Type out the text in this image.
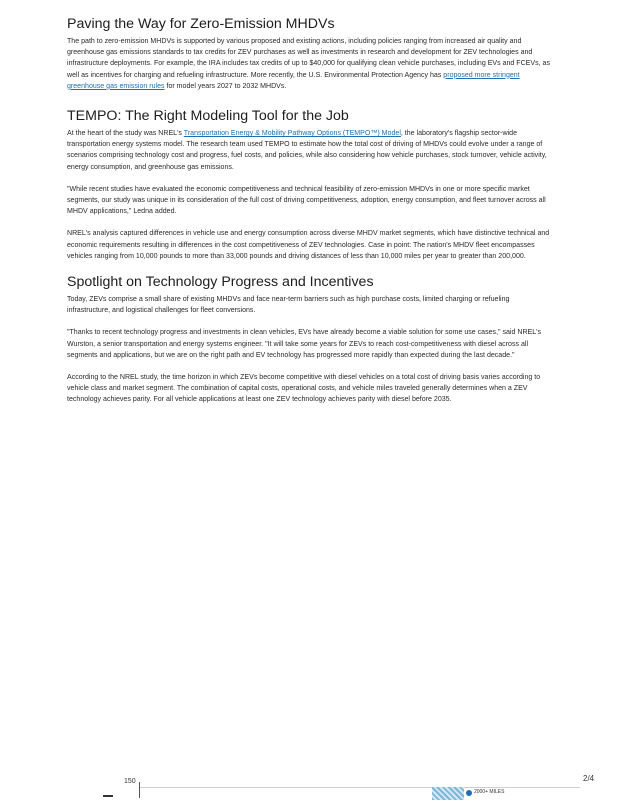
Paving the Way for Zero-Emission MHDVs

The path to zero-emission MHDVs is supported by various proposed and existing actions, including policies ranging from increased air quality and greenhouse gas emissions standards to tax credits for ZEV purchases as well as investments in research and development for ZEV technologies and infrastructure deployments. For example, the IRA includes tax credits of up to $40,000 for qualifying clean vehicle purchases, including EVs and FCEVs, as well as incentives for charging and refueling infrastructure. More recently, the U.S. Environmental Protection Agency has proposed more stringent greenhouse gas emission rules for model years 2027 to 2032 MHDVs.

TEMPO: The Right Modeling Tool for the Job

At the heart of the study was NREL's Transportation Energy & Mobility Pathway Options (TEMPO™) Model, the laboratory's flagship sector-wide transportation energy systems model. The research team used TEMPO to estimate how the total cost of driving of MHDVs could evolve under a range of scenarios comprising technology cost and progress, fuel costs, and policies, while also considering how vehicle purchases, stock turnover, vehicle activity, energy consumption, and greenhouse gas emissions.

"While recent studies have evaluated the economic competitiveness and technical feasibility of zero-emission MHDVs in one or more specific market segments, our study was unique in its consideration of the full cost of driving competitiveness, adoption, energy consumption, and fleet turnover across all MHDV applications," Ledna added.

NREL's analysis captured differences in vehicle use and energy consumption across diverse MHDV market segments, which have distinctive technical and economic requirements resulting in differences in the cost competitiveness of ZEV technologies. Case in point: The nation's MHDV fleet encompasses vehicles ranging from 10,000 pounds to more than 33,000 pounds and driving distances of less than 10,000 miles per year to greater than 200,000.

Spotlight on Technology Progress and Incentives

Today, ZEVs comprise a small share of existing MHDVs and face near-term barriers such as high purchase costs, limited charging or refueling infrastructure, and logistical challenges for fleet conversions.

"Thanks to recent technology progress and investments in clean vehicles, EVs have already become a viable solution for some use cases," said NREL's Wurston, a senior transportation and energy systems engineer. "It will take some years for ZEVs to reach cost-competitiveness with diesel across all segments and applications, but we are on the right path and EV technology has progressed more rapidly than expected during the last decade."

According to the NREL study, the time horizon in which ZEVs become competitive with diesel vehicles on a total cost of driving basis varies according to vehicle class and market segment. The combination of capital costs, operational costs, and vehicle miles traveled generally determines when a ZEV technology achieves parity. For all vehicle applications at least one ZEV technology achieves parity with diesel before 2035.

150
2000+ MILES
2/4
